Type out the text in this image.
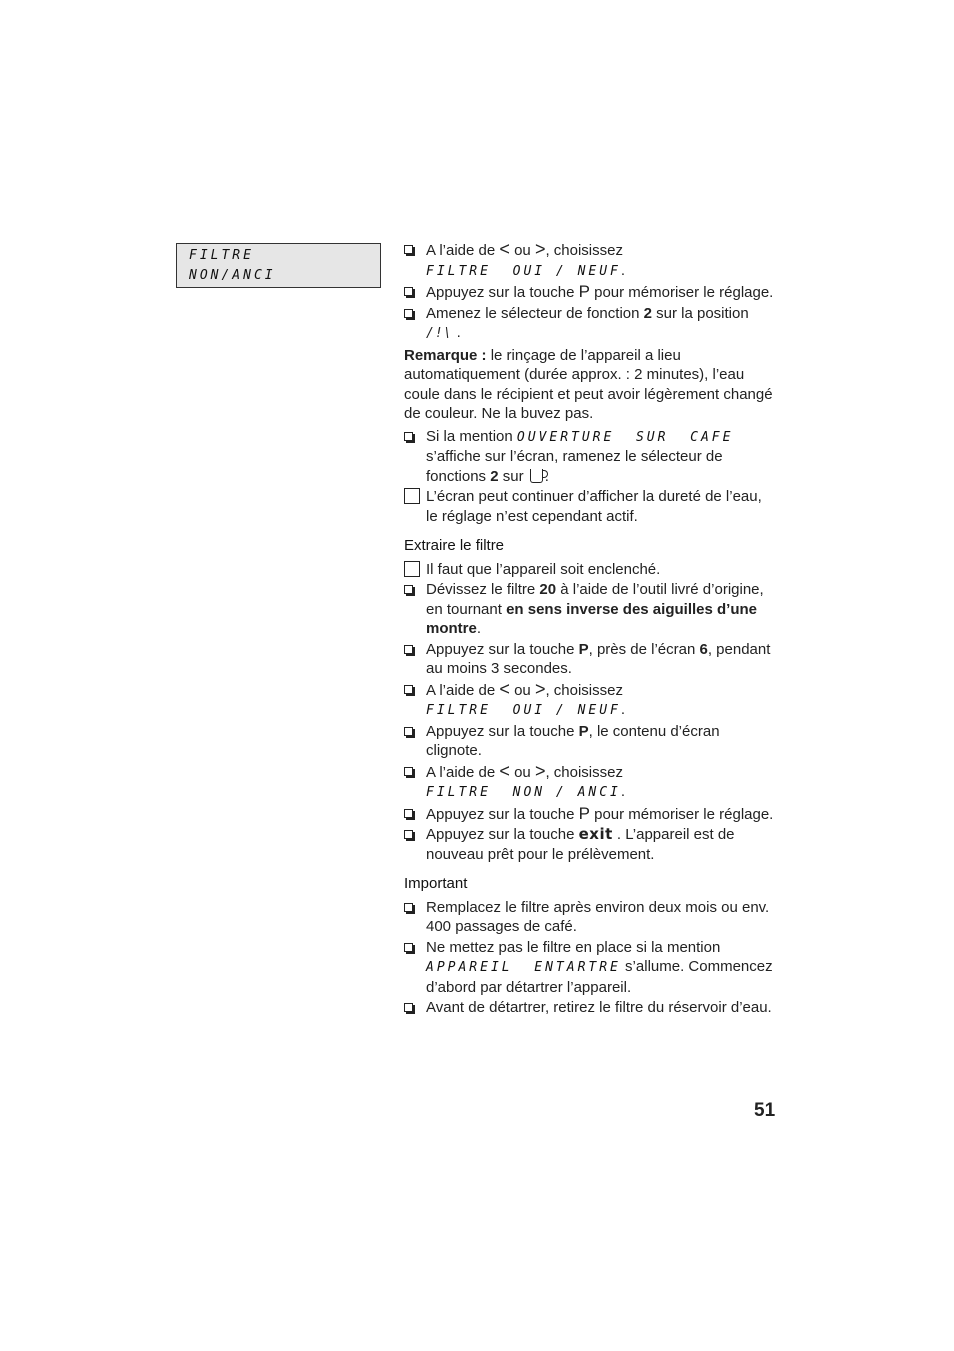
FILTRE
NON/ANCI
A l’aide de < ou >, choisissez FILTRE  OUI / NEUF.
Appuyez sur la touche P pour mémoriser le réglage.
Amenez le sélecteur de fonction 2 sur la position /!\ .
Remarque : le rinçage de l’appareil a lieu automatiquement (durée approx. : 2 minutes), l’eau coule dans le récipient et peut avoir légèrement changé de couleur. Ne la buvez pas.
Si la mention OUVERTURE  SUR  CAFE s’affiche sur l’écran, ramenez le sélecteur de fonctions 2 sur .
L’écran peut continuer d’afficher la dureté de l’eau, le réglage n’est cependant actif.
Extraire le filtre
Il faut que l’appareil soit enclenché.
Dévissez le filtre 20 à l’aide de l’outil livré d’origine, en tournant en sens inverse des aiguilles d’une montre.
Appuyez sur la touche P, près de l’écran 6, pendant au moins 3 secondes.
A l’aide de < ou >, choisissez FILTRE  OUI / NEUF.
Appuyez sur la touche P, le contenu d’écran clignote.
A l’aide de < ou >, choisissez FILTRE  NON / ANCI.
Appuyez sur la touche P pour mémoriser le réglage.
Appuyez sur la touche exit . L’appareil est de nouveau prêt pour le prélèvement.
Important
Remplacez le filtre après environ deux mois ou env. 400 passages de café.
Ne mettez pas le filtre en place si la mention APPAREIL  ENTARTRE s’allume. Commencez d’abord par détartrer l’appareil.
Avant de détartrer, retirez le filtre du réservoir d’eau.
51
